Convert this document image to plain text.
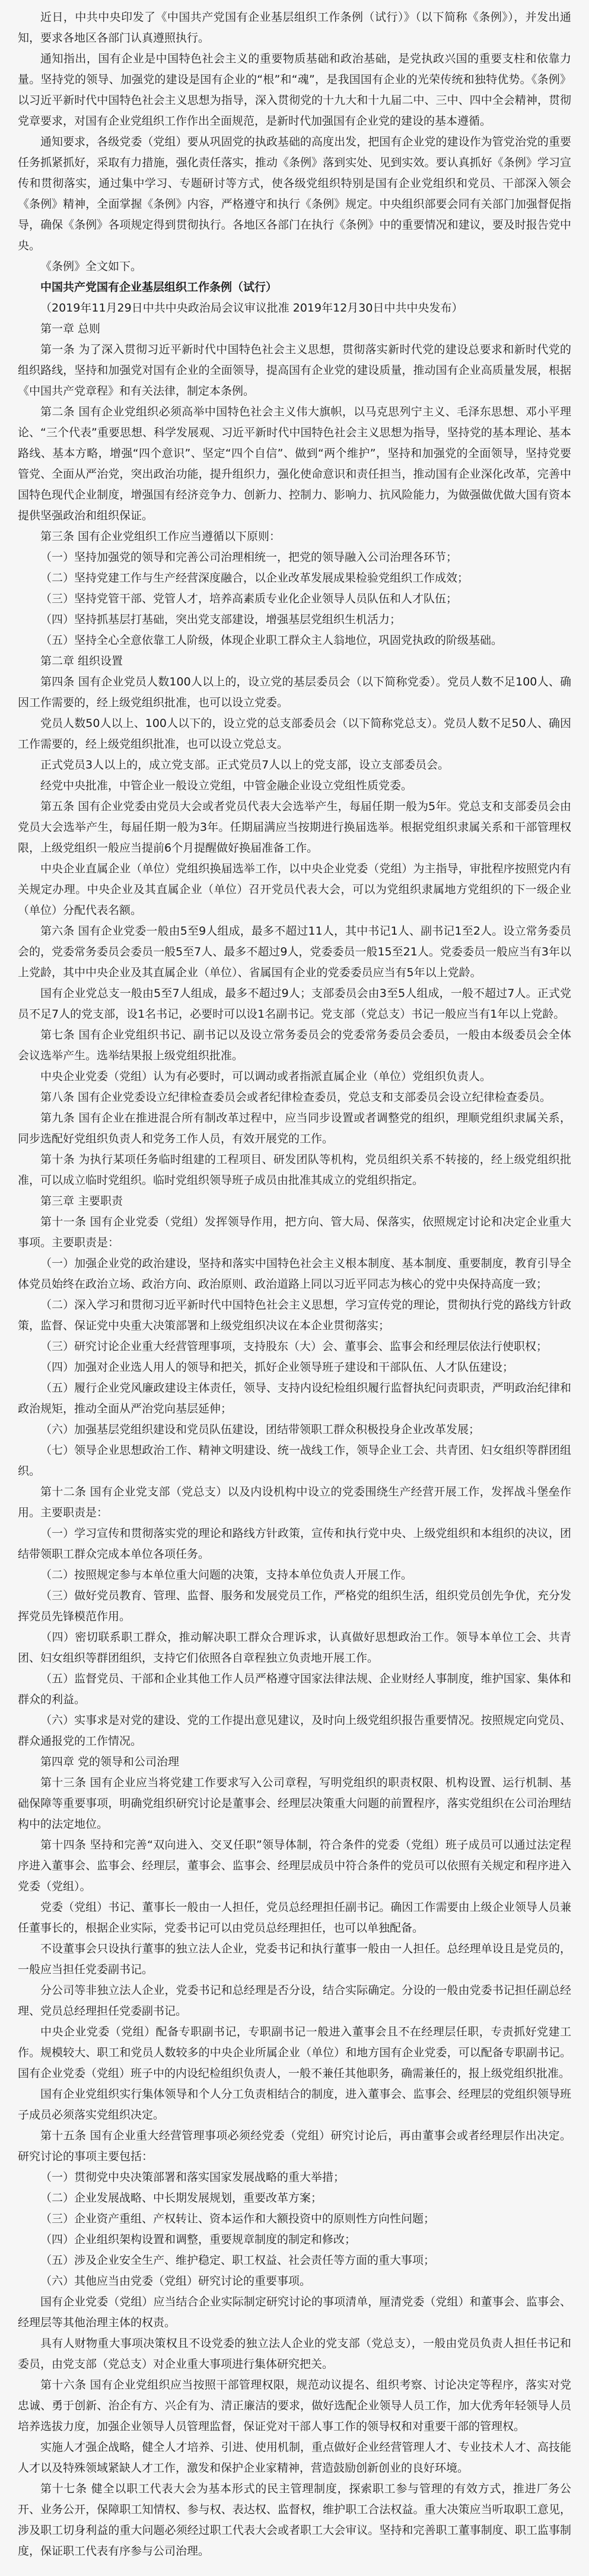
近日，中共中央印发了《中国共产党国有企业基层组织工作条例（试行）》（以下简称《条例》），并发出通知，要求各地区各部门认真遵照执行。

通知指出，国有企业是中国特色社会主义的重要物质基础和政治基础，是党执政兴国的重要支柱和依靠力量。坚持党的领导、加强党的建设是国有企业的“根”和“魂”，是我国国有企业的光荣传统和独特优势。《条例》以习近平新时代中国特色社会主义思想为指导，深入贯彻党的十九大和十九届二中、三中、四中全会精神，贯彻党章要求，对国有企业党组织工作作出全面规范，是新时代加强国有企业党的建设的基本遵循。

通知要求，各级党委（党组）要从巩固党的执政基础的高度出发，把国有企业党的建设作为管党治党的重要任务抓紧抓好，采取有力措施，强化责任落实，推动《条例》落到实处、见到实效。要认真抓好《条例》学习宣传和贯彻落实，通过集中学习、专题研讨等方式，使各级党组织特别是国有企业党组织和党员、干部深入领会《条例》精神，全面掌握《条例》内容，严格遵守和执行《条例》规定。中央组织部要会同有关部门加强督促指导，确保《条例》各项规定得到贯彻执行。各地区各部门在执行《条例》中的重要情况和建议，要及时报告党中央。

《条例》全文如下。

中国共产党国有企业基层组织工作条例（试行）

（2019年11月29日中共中央政治局会议审议批准 2019年12月30日中共中央发布）

第一章 总则

第一条 为了深入贯彻习近平新时代中国特色社会主义思想，贯彻落实新时代党的建设总要求和新时代党的组织路线，坚持和加强党对国有企业的全面领导，提高国有企业党的建设质量，推动国有企业高质量发展，根据《中国共产党章程》和有关法律，制定本条例。

第二条 国有企业党组织必须高举中国特色社会主义伟大旗帜，以马克思列宁主义、毛泽东思想、邓小平理论、“三个代表”重要思想、科学发展观、习近平新时代中国特色社会主义思想为指导，坚持党的基本理论、基本路线、基本方略，增强“四个意识”、坚定“四个自信”、做到“两个维护”，坚持和加强党的全面领导，坚持党要管党、全面从严治党，突出政治功能，提升组织力，强化使命意识和责任担当，推动国有企业深化改革，完善中国特色现代企业制度，增强国有经济竞争力、创新力、控制力、影响力、抗风险能力，为做强做优做大国有资本提供坚强政治和组织保证。

第三条 国有企业党组织工作应当遵循以下原则：

（一）坚持加强党的领导和完善公司治理相统一，把党的领导融入公司治理各环节；

（二）坚持党建工作与生产经营深度融合，以企业改革发展成果检验党组织工作成效；

（三）坚持党管干部、党管人才，培养高素质专业化企业领导人员队伍和人才队伍；

（四）坚持抓基层打基础，突出党支部建设，增强基层党组织生机活力；

（五）坚持全心全意依靠工人阶级，体现企业职工群众主人翁地位，巩固党执政的阶级基础。

第二章 组织设置

第四条 国有企业党员人数100人以上的，设立党的基层委员会（以下简称党委）。党员人数不足100人、确因工作需要的，经上级党组织批准，也可以设立党委。

党员人数50人以上、100人以下的，设立党的总支部委员会（以下简称党总支）。党员人数不足50人、确因工作需要的，经上级党组织批准，也可以设立党总支。

正式党员3人以上的，成立党支部。正式党员7人以上的党支部，设立支部委员会。

经党中央批准，中管企业一般设立党组，中管金融企业设立党组性质党委。

第五条 国有企业党委由党员大会或者党员代表大会选举产生，每届任期一般为5年。党总支和支部委员会由党员大会选举产生，每届任期一般为3年。任期届满应当按期进行换届选举。根据党组织隶属关系和干部管理权限，上级党组织一般应当提前6个月提醒做好换届准备工作。

中央企业直属企业（单位）党组织换届选举工作，以中央企业党委（党组）为主指导，审批程序按照党内有关规定办理。中央企业及其直属企业（单位）召开党员代表大会，可以为党组织隶属地方党组织的下一级企业（单位）分配代表名额。

第六条 国有企业党委一般由5至9人组成，最多不超过11人，其中书记1人、副书记1至2人。设立常务委员会的，党委常务委员会委员一般5至7人、最多不超过9人，党委委员一般15至21人。党委委员一般应当有3年以上党龄，其中中央企业及其直属企业（单位）、省属国有企业的党委委员应当有5年以上党龄。

国有企业党总支一般由5至7人组成，最多不超过9人；支部委员会由3至5人组成，一般不超过7人。正式党员不足7人的党支部，设1名书记，必要时可以设1名副书记。党支部（党总支）书记一般应当有1年以上党龄。

第七条 国有企业党组织书记、副书记以及设立常务委员会的党委常务委员会委员，一般由本级委员会全体会议选举产生。选举结果报上级党组织批准。

中央企业党委（党组）认为有必要时，可以调动或者指派直属企业（单位）党组织负责人。

第八条 国有企业党委设立纪律检查委员会或者纪律检查委员，党总支和支部委员会设立纪律检查委员。

第九条 国有企业在推进混合所有制改革过程中，应当同步设置或者调整党的组织，理顺党组织隶属关系，同步选配好党组织负责人和党务工作人员，有效开展党的工作。

第十条 为执行某项任务临时组建的工程项目、研发团队等机构，党员组织关系不转接的，经上级党组织批准，可以成立临时党组织。临时党组织领导班子成员由批准其成立的党组织指定。

第三章 主要职责

第十一条 国有企业党委（党组）发挥领导作用，把方向、管大局、保落实，依照规定讨论和决定企业重大事项。主要职责是：

（一）加强企业党的政治建设，坚持和落实中国特色社会主义根本制度、基本制度、重要制度，教育引导全体党员始终在政治立场、政治方向、政治原则、政治道路上同以习近平同志为核心的党中央保持高度一致；

（二）深入学习和贯彻习近平新时代中国特色社会主义思想，学习宣传党的理论，贯彻执行党的路线方针政策，监督、保证党中央重大决策部署和上级党组织决议在本企业贯彻落实；

（三）研究讨论企业重大经营管理事项，支持股东（大）会、董事会、监事会和经理层依法行使职权；

（四）加强对企业选人用人的领导和把关，抓好企业领导班子建设和干部队伍、人才队伍建设；

（五）履行企业党风廉政建设主体责任，领导、支持内设纪检组织履行监督执纪问责职责，严明政治纪律和政治规矩，推动全面从严治党向基层延伸；

（六）加强基层党组织建设和党员队伍建设，团结带领职工群众积极投身企业改革发展；

（七）领导企业思想政治工作、精神文明建设、统一战线工作，领导企业工会、共青团、妇女组织等群团组织。

第十二条 国有企业党支部（党总支）以及内设机构中设立的党委围绕生产经营开展工作，发挥战斗堡垒作用。主要职责是：

（一）学习宣传和贯彻落实党的理论和路线方针政策，宣传和执行党中央、上级党组织和本组织的决议，团结带领职工群众完成本单位各项任务。

（二）按照规定参与本单位重大问题的决策，支持本单位负责人开展工作。

（三）做好党员教育、管理、监督、服务和发展党员工作，严格党的组织生活，组织党员创先争优，充分发挥党员先锋模范作用。

（四）密切联系职工群众，推动解决职工群众合理诉求，认真做好思想政治工作。领导本单位工会、共青团、妇女组织等群团组织，支持它们依照各自章程独立负责地开展工作。

（五）监督党员、干部和企业其他工作人员严格遵守国家法律法规、企业财经人事制度，维护国家、集体和群众的利益。

（六）实事求是对党的建设、党的工作提出意见建议，及时向上级党组织报告重要情况。按照规定向党员、群众通报党的工作情况。

第四章 党的领导和公司治理

第十三条 国有企业应当将党建工作要求写入公司章程，写明党组织的职责权限、机构设置、运行机制、基础保障等重要事项，明确党组织研究讨论是董事会、经理层决策重大问题的前置程序，落实党组织在公司治理结构中的法定地位。

第十四条 坚持和完善“双向进入、交叉任职”领导体制，符合条件的党委（党组）班子成员可以通过法定程序进入董事会、监事会、经理层，董事会、监事会、经理层成员中符合条件的党员可以依照有关规定和程序进入党委（党组）。

党委（党组）书记、董事长一般由一人担任，党员总经理担任副书记。确因工作需要由上级企业领导人员兼任董事长的，根据企业实际，党委书记可以由党员总经理担任，也可以单独配备。

不设董事会只设执行董事的独立法人企业，党委书记和执行董事一般由一人担任。总经理单设且是党员的，一般应当担任党委副书记。

分公司等非独立法人企业，党委书记和总经理是否分设，结合实际确定。分设的一般由党委书记担任副总经理、党员总经理担任党委副书记。

中央企业党委（党组）配备专职副书记，专职副书记一般进入董事会且不在经理层任职，专责抓好党建工作。规模较大、职工和党员人数较多的中央企业所属企业（单位）和地方国有企业党委，可以配备专职副书记。国有企业党委（党组）班子中的内设纪检组织负责人，一般不兼任其他职务，确需兼任的，报上级党组织批准。

国有企业党组织实行集体领导和个人分工负责相结合的制度，进入董事会、监事会、经理层的党组织领导班子成员必须落实党组织决定。

第十五条 国有企业重大经营管理事项必须经党委（党组）研究讨论后，再由董事会或者经理层作出决定。研究讨论的事项主要包括：

（一）贯彻党中央决策部署和落实国家发展战略的重大举措；

（二）企业发展战略、中长期发展规划，重要改革方案；

（三）企业资产重组、产权转让、资本运作和大额投资中的原则性方向性问题；

（四）企业组织架构设置和调整，重要规章制度的制定和修改；

（五）涉及企业安全生产、维护稳定、职工权益、社会责任等方面的重大事项；

（六）其他应当由党委（党组）研究讨论的重要事项。

国有企业党委（党组）应当结合企业实际制定研究讨论的事项清单，厘清党委（党组）和董事会、监事会、经理层等其他治理主体的权责。

具有人财物重大事项决策权且不设党委的独立法人企业的党支部（党总支），一般由党员负责人担任书记和委员，由党支部（党总支）对企业重大事项进行集体研究把关。

第十六条 国有企业党组织应当按照干部管理权限，规范动议提名、组织考察、讨论决定等程序，落实对党忠诚、勇于创新、治企有方、兴企有为、清正廉洁的要求，做好选配企业领导人员工作，加大优秀年轻领导人员培养选拔力度，加强企业领导人员管理监督，保证党对干部人事工作的领导权和对重要干部的管理权。

实施人才强企战略，健全人才培养、引进、使用机制，重点做好企业经营管理人才、专业技术人才、高技能人才以及特殊领域紧缺人才工作，激发和保护企业家精神，营造鼓励创新创业的良好环境。

第十七条 健全以职工代表大会为基本形式的民主管理制度，探索职工参与管理的有效方式，推进厂务公开、业务公开，保障职工知情权、参与权、表达权、监督权，维护职工合法权益。重大决策应当听取职工意见，涉及职工切身利益的重大问题必须经过职工代表大会或者职工大会审议。坚持和完善职工董事制度、职工监事制度，保证职工代表有序参与公司治理。
